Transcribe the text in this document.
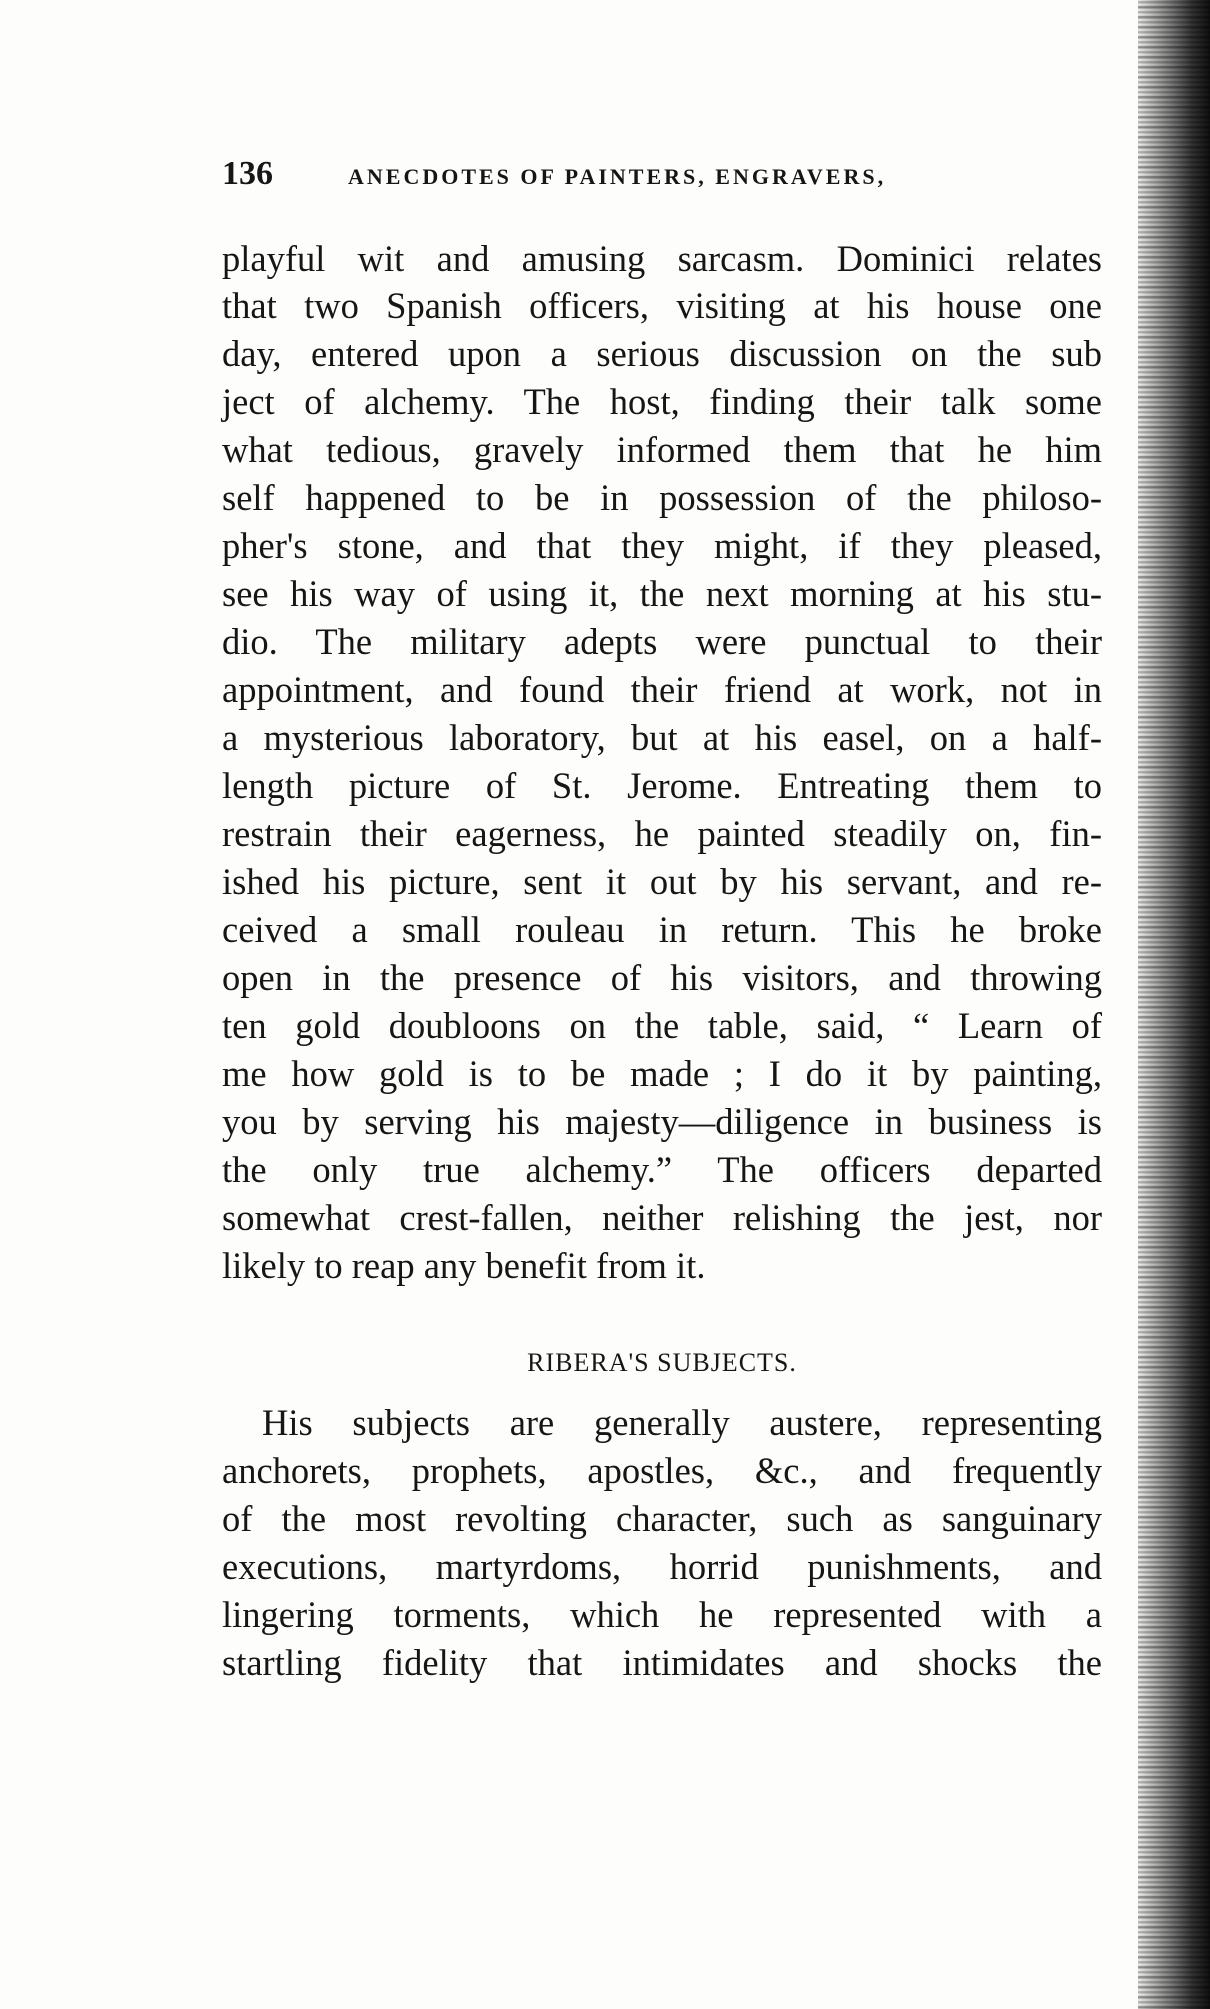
136	ANECDOTES OF PAINTERS, ENGRAVERS,
playful wit and amusing sarcasm. Dominici relates
that two Spanish officers, visiting at his house one
day, entered upon a serious discussion on the sub
ject of alchemy. The host, finding their talk some
what tedious, gravely informed them that he him
self happened to be in possession of the philoso-
pher's stone, and that they might, if they pleased,
see his way of using it, the next morning at his stu-
dio. The military adepts were punctual to their
appointment, and found their friend at work, not in
a mysterious laboratory, but at his easel, on a half-
length picture of St. Jerome. Entreating them to
restrain their eagerness, he painted steadily on, fin-
ished his picture, sent it out by his servant, and re-
ceived a small rouleau in return. This he broke
open in the presence of his visitors, and throwing
ten gold doubloons on the table, said, “ Learn of
me how gold is to be made ; I do it by painting,
you by serving his majesty—diligence in business is
the only true alchemy.” The officers departed
somewhat crest-fallen, neither relishing the jest, nor
likely to reap any benefit from it.
RIBERA'S SUBJECTS.
His subjects are generally austere, representing
anchorets, prophets, apostles, &c., and frequently
of the most revolting character, such as sanguinary
executions, martyrdoms, horrid punishments, and
lingering torments, which he represented with a
startling fidelity that intimidates and shocks the
